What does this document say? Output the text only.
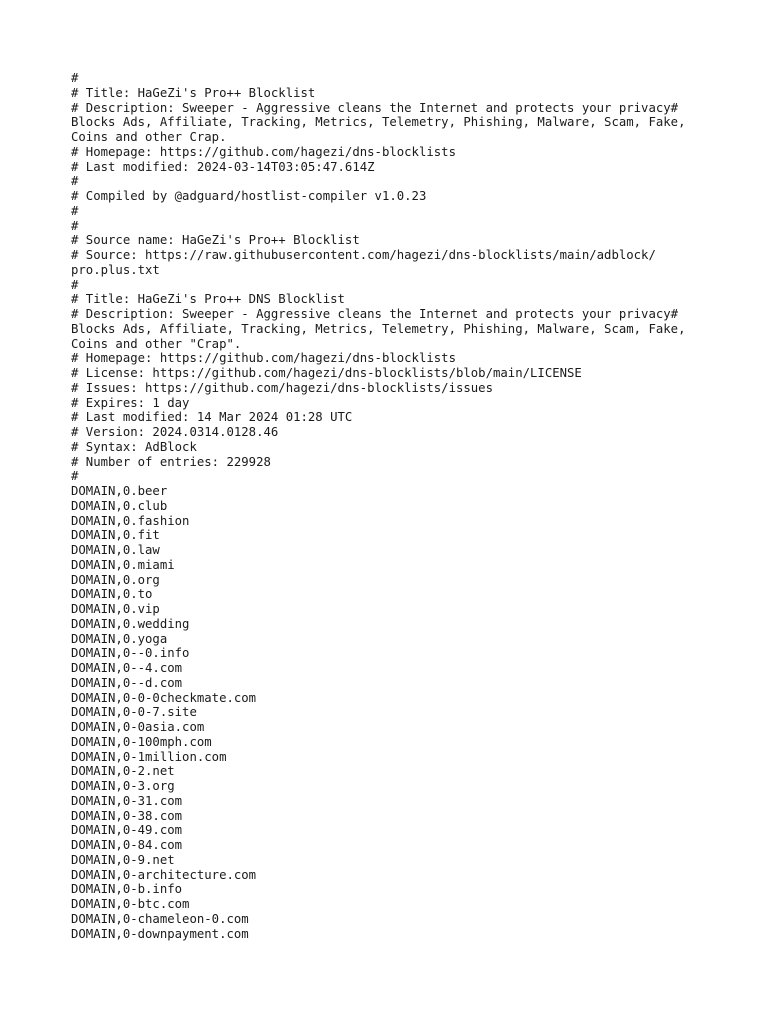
#
# Title: HaGeZi's Pro++ Blocklist
# Description: Sweeper - Aggressive cleans the Internet and protects your privacy#
Blocks Ads, Affiliate, Tracking, Metrics, Telemetry, Phishing, Malware, Scam, Fake,
Coins and other Crap.
# Homepage: https://github.com/hagezi/dns-blocklists
# Last modified: 2024-03-14T03:05:47.614Z
#
# Compiled by @adguard/hostlist-compiler v1.0.23
#
#
# Source name: HaGeZi's Pro++ Blocklist
# Source: https://raw.githubusercontent.com/hagezi/dns-blocklists/main/adblock/
pro.plus.txt
#
# Title: HaGeZi's Pro++ DNS Blocklist
# Description: Sweeper - Aggressive cleans the Internet and protects your privacy#
Blocks Ads, Affiliate, Tracking, Metrics, Telemetry, Phishing, Malware, Scam, Fake,
Coins and other "Crap".
# Homepage: https://github.com/hagezi/dns-blocklists
# License: https://github.com/hagezi/dns-blocklists/blob/main/LICENSE
# Issues: https://github.com/hagezi/dns-blocklists/issues
# Expires: 1 day
# Last modified: 14 Mar 2024 01:28 UTC
# Version: 2024.0314.0128.46
# Syntax: AdBlock
# Number of entries: 229928
#
DOMAIN,0.beer
DOMAIN,0.club
DOMAIN,0.fashion
DOMAIN,0.fit
DOMAIN,0.law
DOMAIN,0.miami
DOMAIN,0.org
DOMAIN,0.to
DOMAIN,0.vip
DOMAIN,0.wedding
DOMAIN,0.yoga
DOMAIN,0--0.info
DOMAIN,0--4.com
DOMAIN,0--d.com
DOMAIN,0-0-0checkmate.com
DOMAIN,0-0-7.site
DOMAIN,0-0asia.com
DOMAIN,0-100mph.com
DOMAIN,0-1million.com
DOMAIN,0-2.net
DOMAIN,0-3.org
DOMAIN,0-31.com
DOMAIN,0-38.com
DOMAIN,0-49.com
DOMAIN,0-84.com
DOMAIN,0-9.net
DOMAIN,0-architecture.com
DOMAIN,0-b.info
DOMAIN,0-btc.com
DOMAIN,0-chameleon-0.com
DOMAIN,0-downpayment.com
